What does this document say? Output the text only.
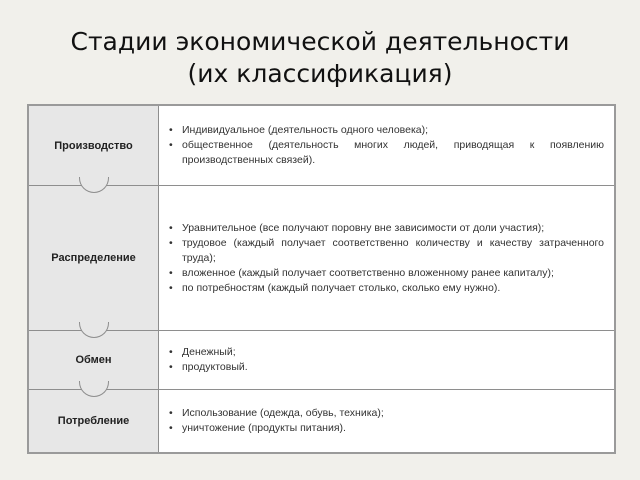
Стадии экономической деятельности
(их классификация)
Производство
• Индивидуальное (деятельность одного человека);
• общественное (деятельность многих людей, приводящая к появлению производственных связей).
Распределение
• Уравнительное (все получают поровну вне зависимости от доли участия);
• трудовое (каждый получает соответственно количеству и качеству затраченного труда);
• вложенное (каждый получает соответственно вложенному ранее капиталу);
• по потребностям (каждый получает столько, сколько ему нужно).
Обмен
• Денежный;
• продуктовый.
Потребление
• Использование (одежда, обувь, техника);
• уничтожение (продукты питания).
